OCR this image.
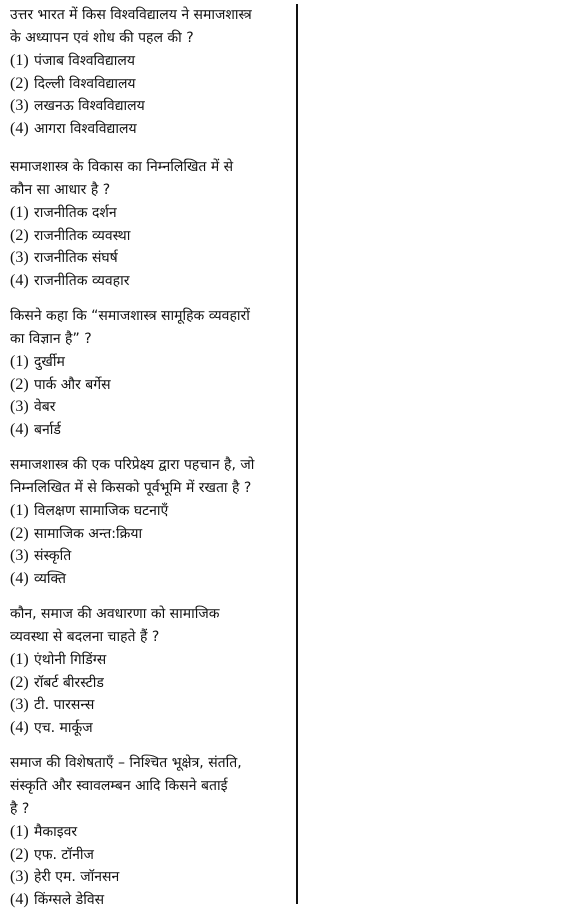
उत्तर भारत में किस विश्वविद्यालय ने समाजशास्त्र
के अध्यापन एवं शोध की पहल की ?
(1) पंजाब विश्वविद्यालय
(2) दिल्ली विश्वविद्यालय
(3) लखनऊ विश्वविद्यालय
(4) आगरा विश्वविद्यालय
समाजशास्त्र के विकास का निम्नलिखित में से
कौन सा आधार है ?
(1) राजनीतिक दर्शन
(2) राजनीतिक व्यवस्था
(3) राजनीतिक संघर्ष
(4) राजनीतिक व्यवहार
किसने कहा कि “समाजशास्त्र सामूहिक व्यवहारों
का विज्ञान है” ?
(1) दुर्खीम
(2) पार्क और बर्गेस
(3) वेबर
(4) बर्नार्ड
समाजशास्त्र की एक परिप्रेक्ष्य द्वारा पहचान है, जो
निम्नलिखित में से किसको पूर्वभूमि में रखता है ?
(1) विलक्षण सामाजिक घटनाएँ
(2) सामाजिक अन्त:क्रिया
(3) संस्कृति
(4) व्यक्ति
कौन, समाज की अवधारणा को सामाजिक
व्यवस्था से बदलना चाहते हैं ?
(1) एंथोनी गिडिंग्स
(2) रॉबर्ट बीरस्टीड
(3) टी. पारसन्स
(4) एच. मार्कूज
समाज की विशेषताएँ – निश्चित भूक्षेत्र, संतति,
संस्कृति और स्वावलम्बन आदि किसने बताई
है ?
(1) मैकाइवर
(2) एफ. टॉनीज
(3) हेरी एम. जॉनसन
(4) किंग्सले डेविस
